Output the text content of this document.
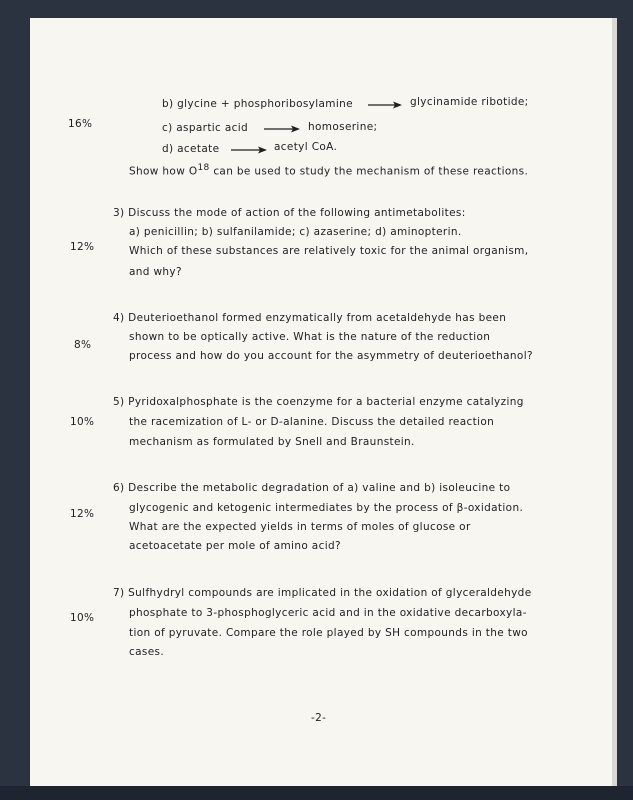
16%
b) glycine + phosphoribosylamine → glycinamide ribotide;
c) aspartic acid → homoserine;
d) acetate → acetyl CoA.
Show how $O^{18}$ can be used to study the mechanism of these reactions.
12%
3) Discuss the mode of action of the following antimetabolites:
a) penicillin; b) sulfanilamide; c) azaserine; d) aminopterin.
Which of these substances are relatively toxic for the animal organism,
and why?
8%
4) Deuterioethanol formed enzymatically from acetaldehyde has been
shown to be optically active. What is the nature of the reduction
process and how do you account for the asymmetry of deuterioethanol?
10%
5) Pyridoxalphosphate is the coenzyme for a bacterial enzyme catalyzing
the racemization of L- or D-alanine. Discuss the detailed reaction
mechanism as formulated by Snell and Braunstein.
12%
6) Describe the metabolic degradation of a) valine and b) isoleucine to
glycogenic and ketogenic intermediates by the process of β-oxidation.
What are the expected yields in terms of moles of glucose or
acetoacetate per mole of amino acid?
10%
7) Sulfhydryl compounds are implicated in the oxidation of glyceraldehyde
phosphate to 3-phosphoglyceric acid and in the oxidative decarboxyla-
tion of pyruvate. Compare the role played by SH compounds in the two
cases.
-2-
